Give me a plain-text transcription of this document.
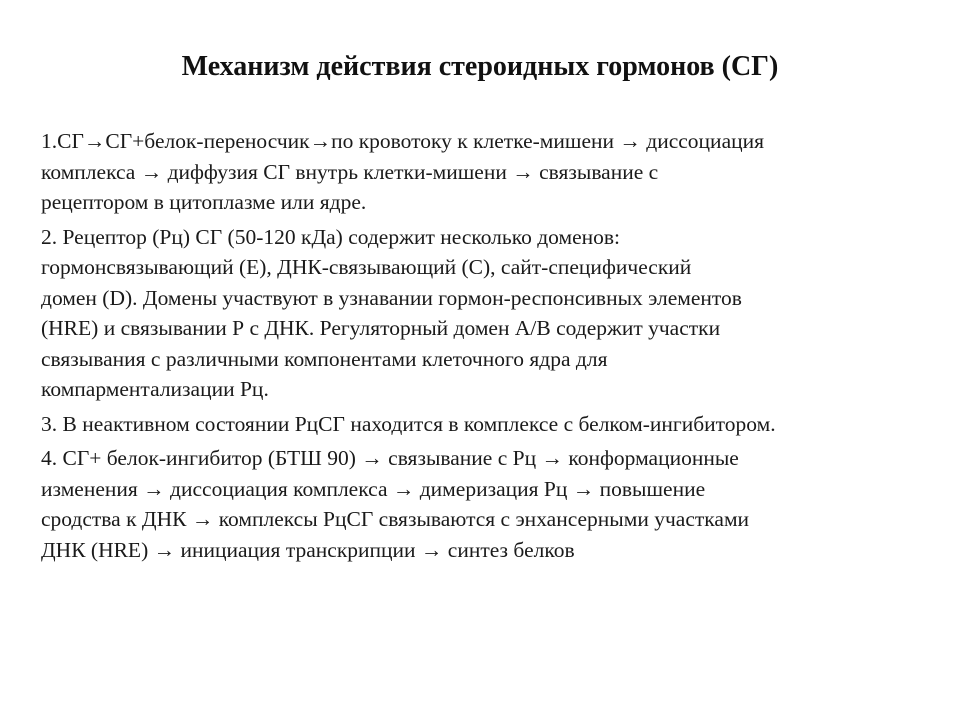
Механизм действия стероидных гормонов (СГ)

1.СГ→СГ+белок-переносчик→по кровотоку к клетке-мишени → диссоциация
комплекса → диффузия СГ внутрь клетки-мишени → связывание с
рецептором в цитоплазме или ядре.

2. Рецептор (Рц) СГ (50-120 кДа) содержит несколько доменов:
гормонсвязывающий (Е), ДНК-связывающий (С), сайт-специфический
домен (D). Домены участвуют в узнавании гормон-респонсивных элементов
(HRE) и связывании Р с ДНК. Регуляторный домен А/В содержит участки
связывания с различными компонентами клеточного ядра для
компарментализации Рц.

3. В неактивном состоянии РцСГ находится в комплексе с белком-ингибитором.

4. СГ+ белок-ингибитор (БТШ 90) → связывание с Рц → конформационные
изменения → диссоциация комплекса → димеризация Рц → повышение
сродства к ДНК → комплексы РцСГ связываются с энхансерными участками
ДНК (HRE) → инициация транскрипции → синтез белков
